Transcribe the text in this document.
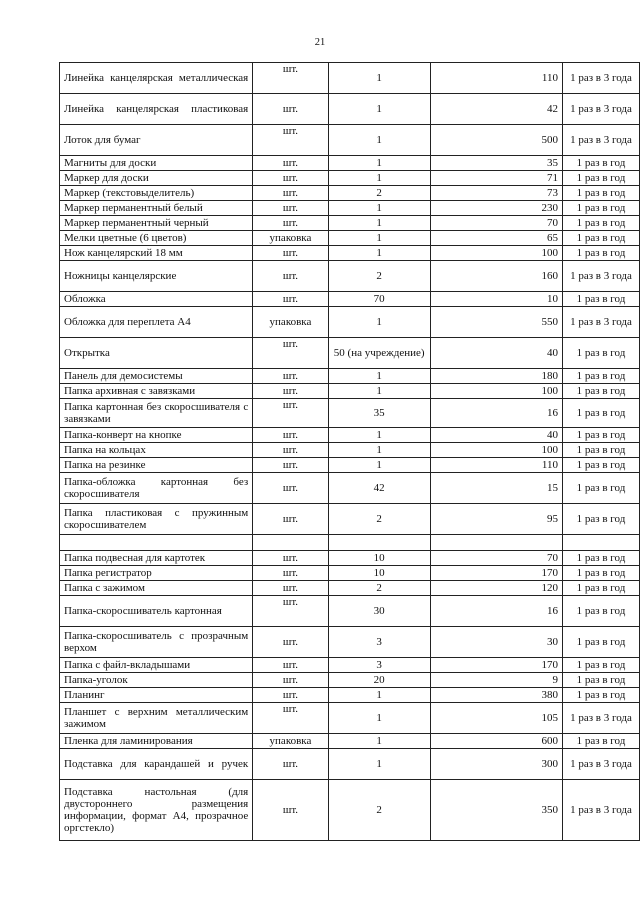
21
Линейка канцелярская металлическая	шт.	1	110	1 раз в 3 года
Линейка канцелярская пластиковая	шт.	1	42	1 раз в 3 года
Лоток для бумаг	шт.	1	500	1 раз в 3 года
Магниты для доски	шт.	1	35	1 раз в год
Маркер для доски	шт.	1	71	1 раз в год
Маркер (текстовыделитель)	шт.	2	73	1 раз в год
Маркер перманентный белый	шт.	1	230	1 раз в год
Маркер перманентный черный	шт.	1	70	1 раз в год
Мелки цветные (6 цветов)	упаковка	1	65	1 раз в год
Нож канцелярский 18 мм	шт.	1	100	1 раз в год
Ножницы канцелярские	шт.	2	160	1 раз в 3 года
Обложка	шт.	70	10	1 раз в год
Обложка для переплета А4	упаковка	1	550	1 раз в 3 года
Открытка	шт.	50 (на учреждение)	40	1 раз в год
Панель для демосистемы	шт.	1	180	1 раз в год
Папка архивная с завязками	шт.	1	100	1 раз в год
Папка картонная без скоросшивателя с завязками	шт.	35	16	1 раз в год
Папка-конверт на кнопке	шт.	1	40	1 раз в год
Папка на кольцах	шт.	1	100	1 раз в год
Папка на резинке	шт.	1	110	1 раз в год
Папка-обложка картонная без скоросшивателя	шт.	42	15	1 раз в год
Папка пластиковая с пружинным скоросшивателем	шт.	2	95	1 раз в год

Папка подвесная для картотек	шт.	10	70	1 раз в год
Папка регистратор	шт.	10	170	1 раз в год
Папка с зажимом	шт.	2	120	1 раз в год
Папка-скоросшиватель картонная	шт.	30	16	1 раз в год
Папка-скоросшиватель с прозрачным верхом	шт.	3	30	1 раз в год
Папка с файл-вкладышами	шт.	3	170	1 раз в год
Папка-уголок	шт.	20	9	1 раз в год
Планинг	шт.	1	380	1 раз в год
Планшет с верхним металлическим зажимом	шт.	1	105	1 раз в 3 года
Пленка для ламинирования	упаковка	1	600	1 раз в год
Подставка для карандашей и ручек	шт.	1	300	1 раз в 3 года
Подставка настольная (для двустороннего размещения информации, формат А4, прозрачное оргстекло)	шт.	2	350	1 раз в 3 года
